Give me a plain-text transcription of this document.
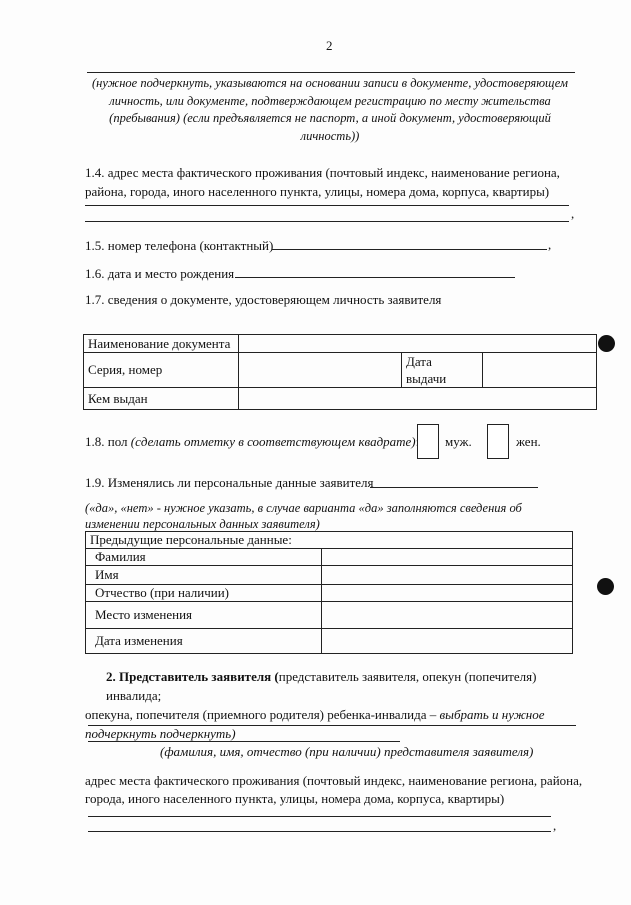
2
(нужное подчеркнуть, указываются на основании записи в документе, удостоверяющем
личность, или документе, подтверждающем регистрацию по месту жительства
(пребывания) (если предъявляется не паспорт, а иной документ, удостоверяющий
личность))
1.4. адрес места фактического проживания (почтовый индекс, наименование региона,
района, города, иного населенного пункта, улицы, номера дома, корпуса, квартиры)
,
1.5. номер телефона (контактный)	,
1.6. дата и место рождения
1.7. сведения о документе, удостоверяющем личность заявителя
Наименование документа			
Серия, номер		Дата
выдачи	

Кем выдан			
1.8. пол (сделать отметку в соответствующем квадрате) муж.	жен.
1.9. Изменялись ли персональные данные заявителя
(«да», «нет» - нужное указать, в случае варианта «да» заполняются сведения об
изменении персональных данных заявителя)
Предыдущие персональные данные:	
Фамилия	
Имя	
Отчество (при наличии)	
Место изменения	
Дата изменения	
2. Представитель заявителя (представитель заявителя, опекун (попечителя) инвалида;
опекуна, попечителя (приемного родителя) ребенка-инвалида – выбрать и нужное
подчеркнуть подчеркнуть)
(фамилия, имя, отчество (при наличии) представителя заявителя)
адрес места фактического проживания (почтовый индекс, наименование региона, района,
города, иного населенного пункта, улицы, номера дома, корпуса, квартиры)
,
